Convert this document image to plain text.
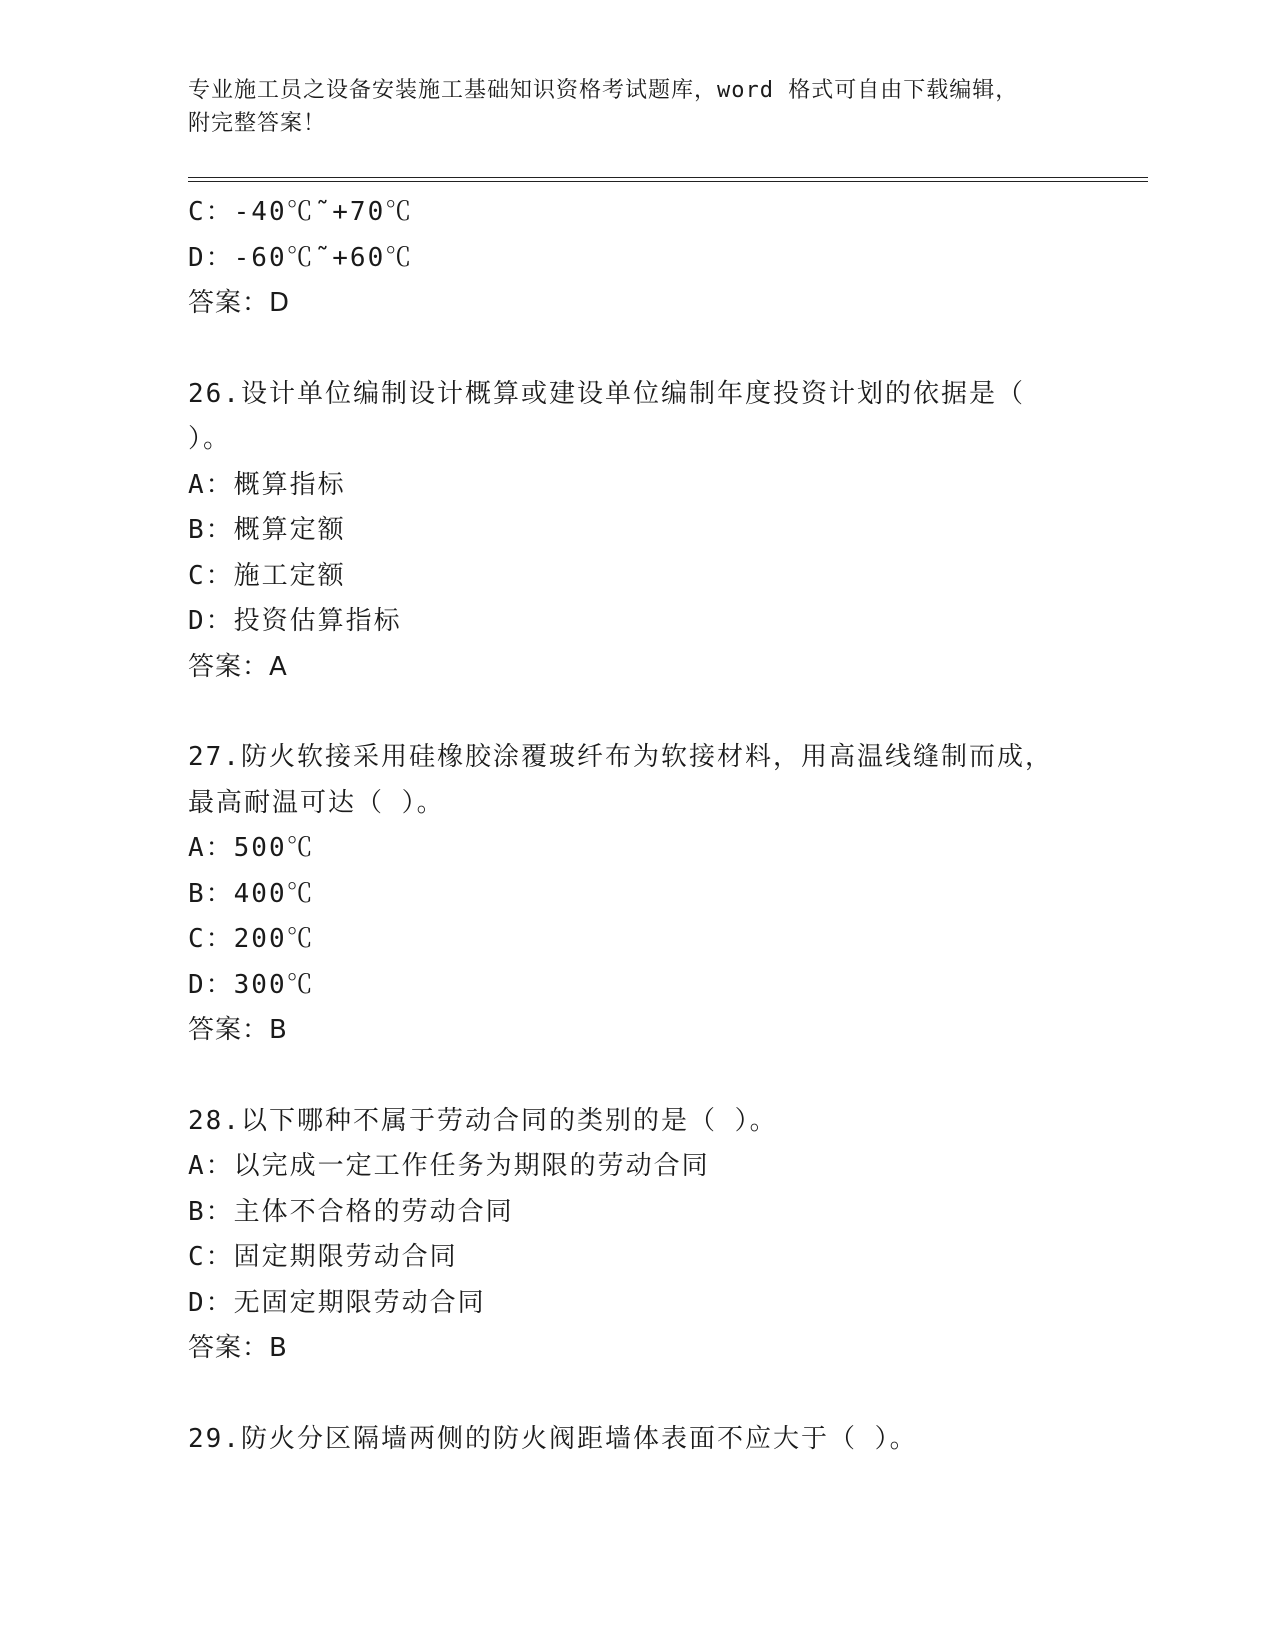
专业施工员之设备安装施工基础知识资格考试题库，word 格式可自由下载编辑，
附完整答案！
C：-40℃˜+70℃
D：-60℃˜+60℃
答案：D
26.设计单位编制设计概算或建设单位编制年度投资计划的依据是（
）。
A：概算指标
B：概算定额
C：施工定额
D：投资估算指标
答案：A
27.防火软接采用硅橡胶涂覆玻纤布为软接材料，用高温线缝制而成，
最高耐温可达（ ）。
A：500℃
B：400℃
C：200℃
D：300℃
答案：B
28.以下哪种不属于劳动合同的类别的是（ ）。
A：以完成一定工作任务为期限的劳动合同
B：主体不合格的劳动合同
C：固定期限劳动合同
D：无固定期限劳动合同
答案：B
29.防火分区隔墙两侧的防火阀距墙体表面不应大于（ ）。
